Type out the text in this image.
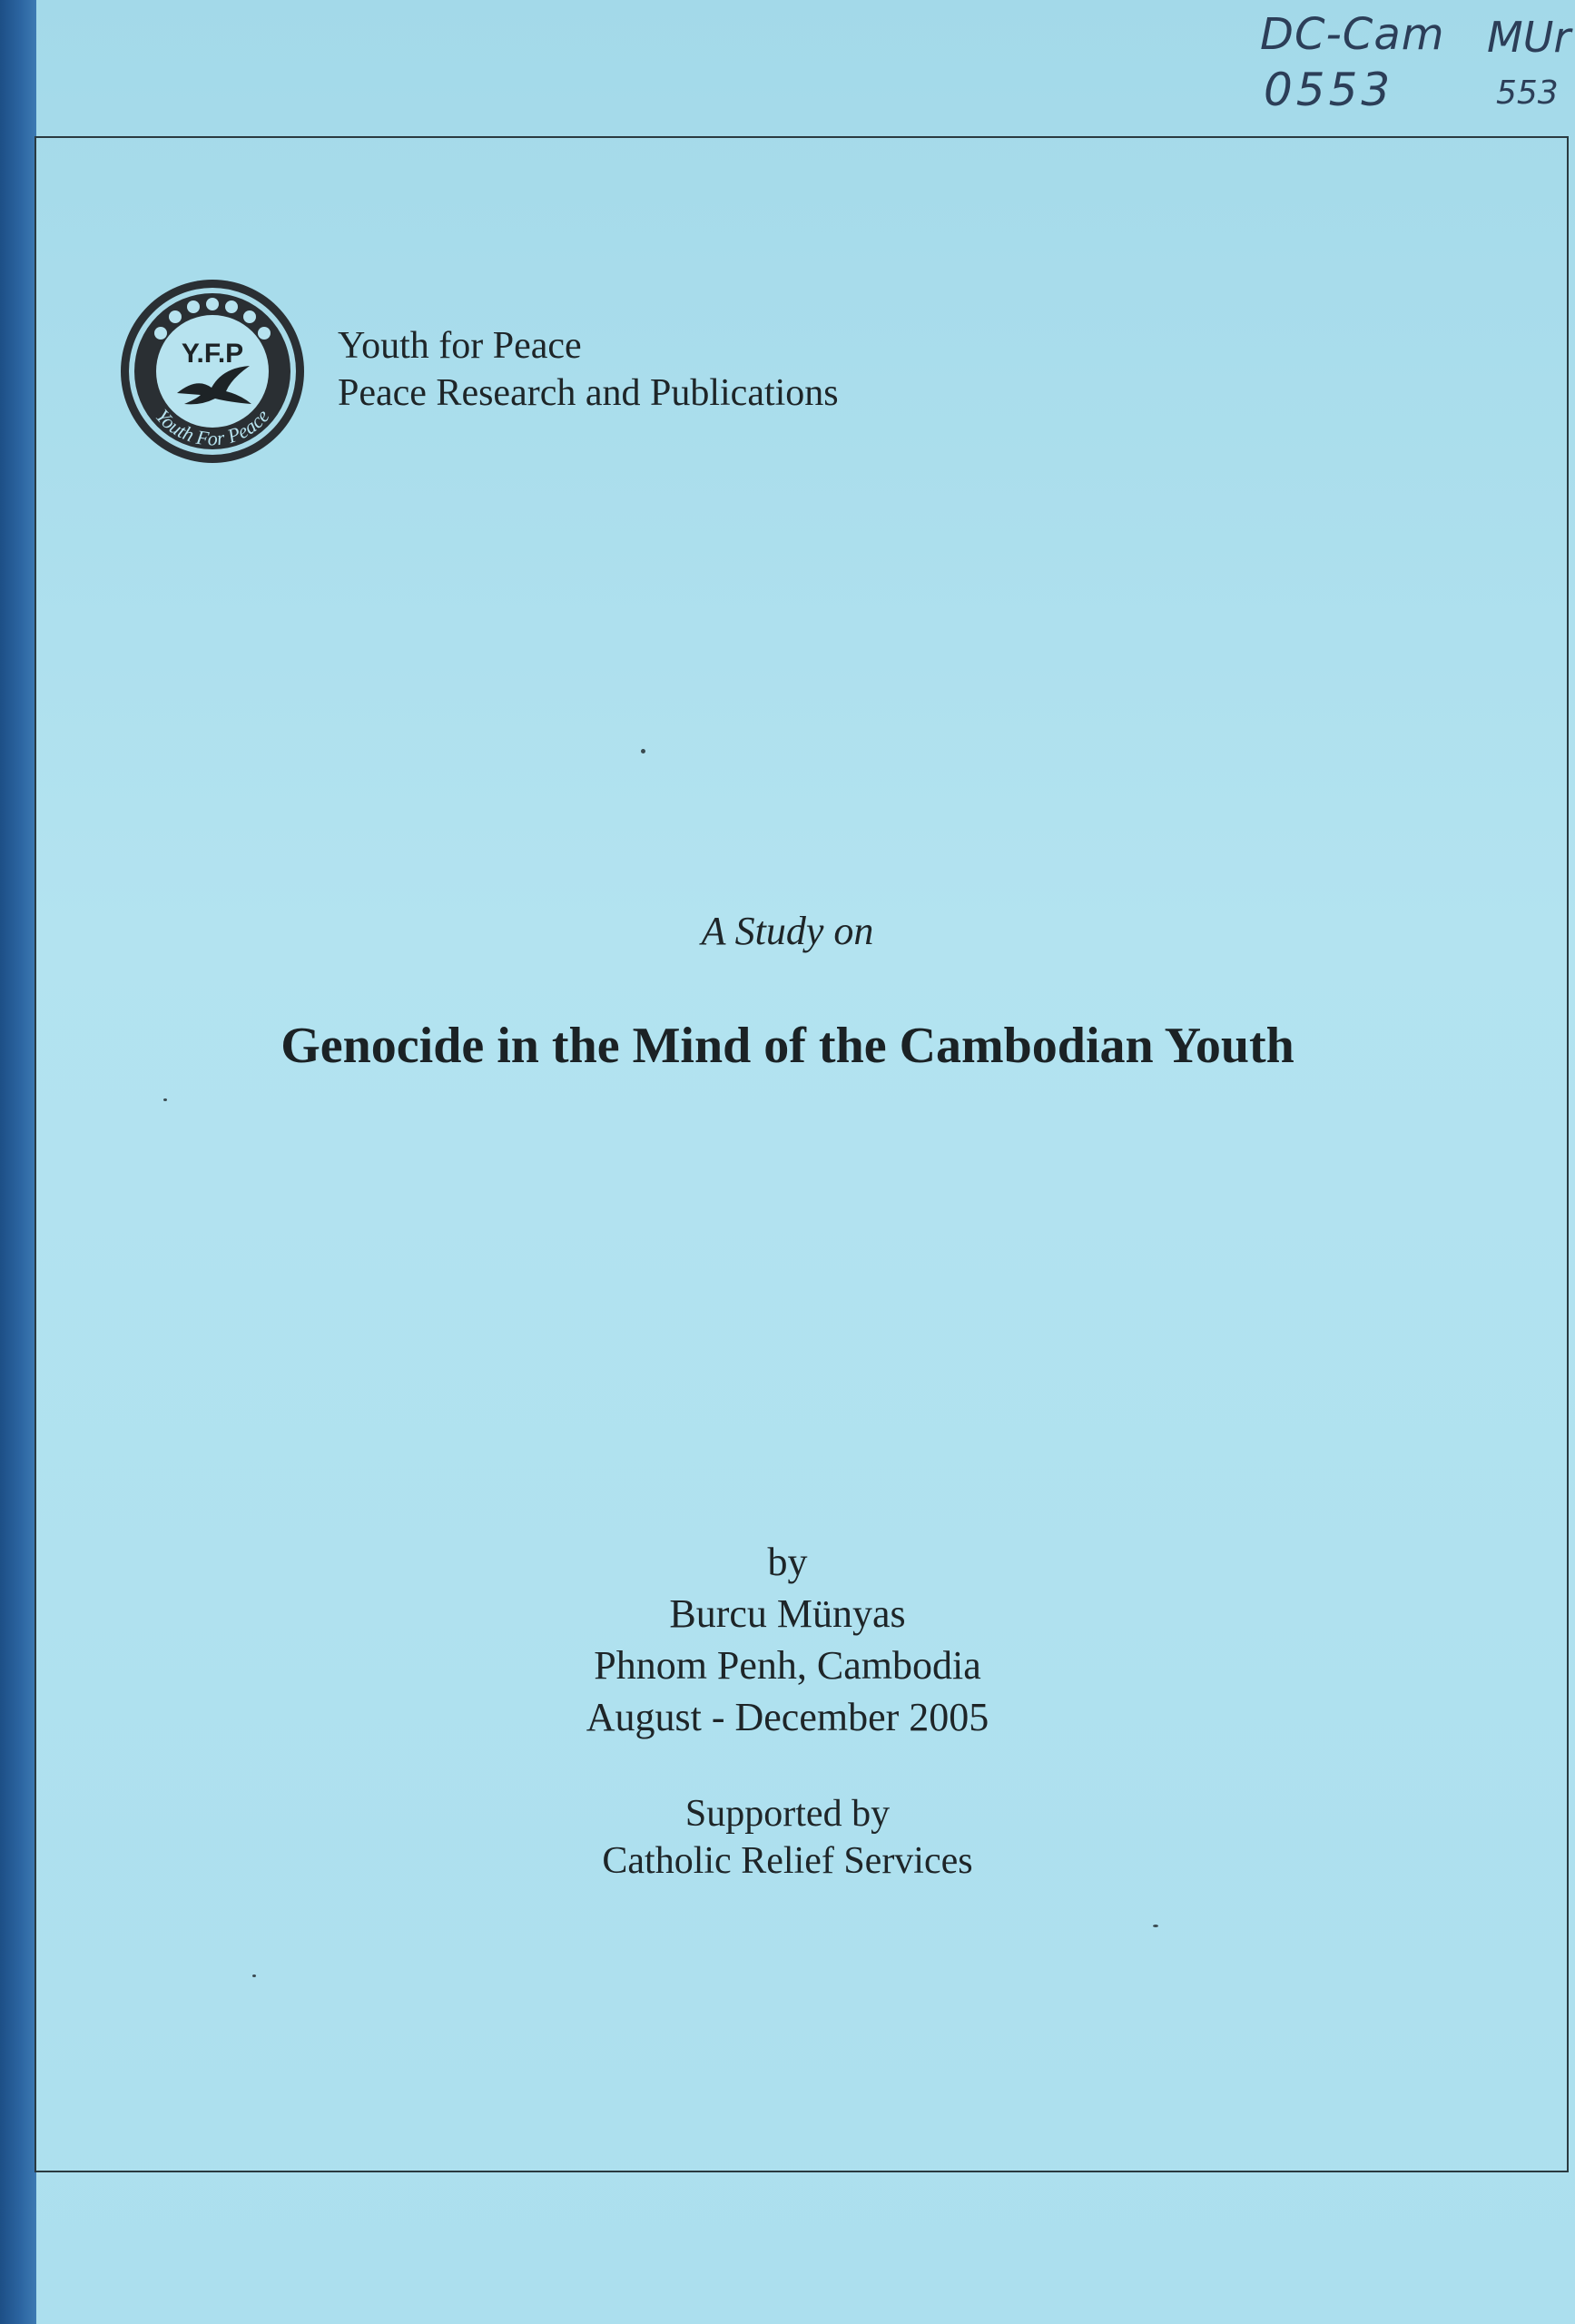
DC-Cam
0553
MUr
553
Y.F.P
Youth For Peace
Youth for Peace
Peace Research and Publications
A Study on
Genocide in the Mind of the Cambodian Youth
by
Burcu Münyas
Phnom Penh, Cambodia
August - December 2005
Supported by
Catholic Relief Services
